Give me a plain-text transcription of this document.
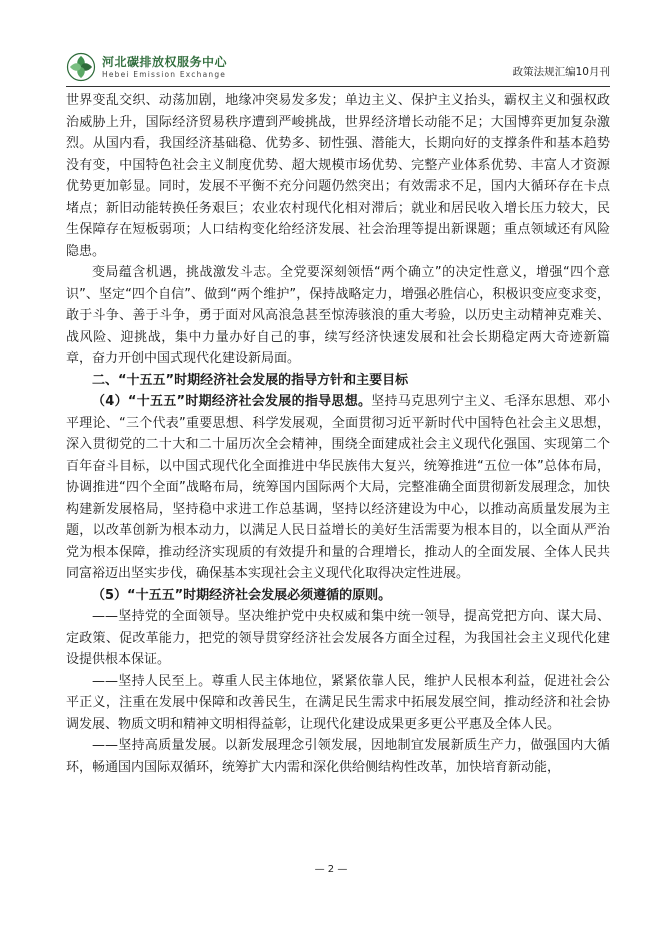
河北碳排放权服务中心
Hebei Emission Exchange	政策法规汇编10月刊

世界变乱交织、动荡加剧，地缘冲突易发多发；单边主义、保护主义抬头，霸权主义和强权政治威胁上升，国际经济贸易秩序遭到严峻挑战，世界经济增长动能不足；大国博弈更加复杂激烈。从国内看，我国经济基础稳、优势多、韧性强、潜能大，长期向好的支撑条件和基本趋势没有变，中国特色社会主义制度优势、超大规模市场优势、完整产业体系优势、丰富人才资源优势更加彰显。同时，发展不平衡不充分问题仍然突出；有效需求不足，国内大循环存在卡点堵点；新旧动能转换任务艰巨；农业农村现代化相对滞后；就业和居民收入增长压力较大，民生保障存在短板弱项；人口结构变化给经济发展、社会治理等提出新课题；重点领域还有风险隐患。

变局蕴含机遇，挑战激发斗志。全党要深刻领悟“两个确立”的决定性意义，增强“四个意识”、坚定“四个自信”、做到“两个维护”，保持战略定力，增强必胜信心，积极识变应变求变，敢于斗争、善于斗争，勇于面对风高浪急甚至惊涛骇浪的重大考验，以历史主动精神克难关、战风险、迎挑战，集中力量办好自己的事，续写经济快速发展和社会长期稳定两大奇迹新篇章，奋力开创中国式现代化建设新局面。

二、“十五五”时期经济社会发展的指导方针和主要目标

（4）“十五五”时期经济社会发展的指导思想。坚持马克思列宁主义、毛泽东思想、邓小平理论、“三个代表”重要思想、科学发展观，全面贯彻习近平新时代中国特色社会主义思想，深入贯彻党的二十大和二十届历次全会精神，围绕全面建成社会主义现代化强国、实现第二个百年奋斗目标，以中国式现代化全面推进中华民族伟大复兴，统筹推进“五位一体”总体布局，协调推进“四个全面”战略布局，统筹国内国际两个大局，完整准确全面贯彻新发展理念，加快构建新发展格局，坚持稳中求进工作总基调，坚持以经济建设为中心，以推动高质量发展为主题，以改革创新为根本动力，以满足人民日益增长的美好生活需要为根本目的，以全面从严治党为根本保障，推动经济实现质的有效提升和量的合理增长，推动人的全面发展、全体人民共同富裕迈出坚实步伐，确保基本实现社会主义现代化取得决定性进展。

（5）“十五五”时期经济社会发展必须遵循的原则。

——坚持党的全面领导。坚决维护党中央权威和集中统一领导，提高党把方向、谋大局、定政策、促改革能力，把党的领导贯穿经济社会发展各方面全过程，为我国社会主义现代化建设提供根本保证。

——坚持人民至上。尊重人民主体地位，紧紧依靠人民，维护人民根本利益，促进社会公平正义，注重在发展中保障和改善民生，在满足民生需求中拓展发展空间，推动经济和社会协调发展、物质文明和精神文明相得益彰，让现代化建设成果更多更公平惠及全体人民。

——坚持高质量发展。以新发展理念引领发展，因地制宜发展新质生产力，做强国内大循环，畅通国内国际双循环，统筹扩大内需和深化供给侧结构性改革，加快培育新动能，

— 2 —
